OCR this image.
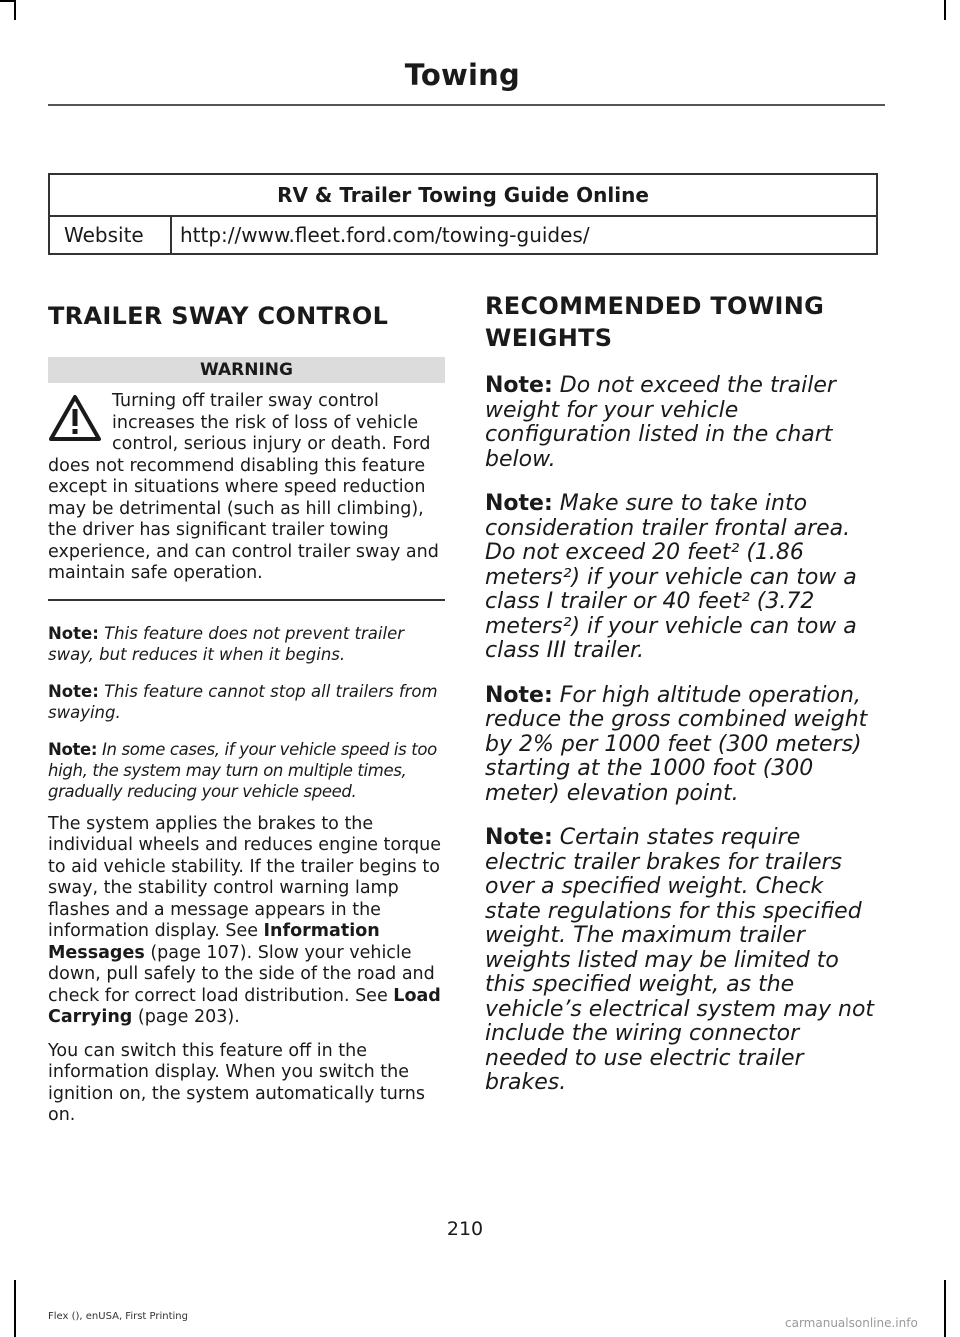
Towing
RV & Trailer Towing Guide Online
Website	http://www.fleet.ford.com/towing-guides/
TRAILER SWAY CONTROL
WARNING
Turning off trailer sway control increases the risk of loss of vehicle control, serious injury or death. Ford does not recommend disabling this feature except in situations where speed reduction may be detrimental (such as hill climbing), the driver has significant trailer towing experience, and can control trailer sway and maintain safe operation.

Note: This feature does not prevent trailer sway, but reduces it when it begins.

Note: This feature cannot stop all trailers from swaying.

Note: In some cases, if your vehicle speed is too high, the system may turn on multiple times, gradually reducing your vehicle speed.

The system applies the brakes to the individual wheels and reduces engine torque to aid vehicle stability. If the trailer begins to sway, the stability control warning lamp flashes and a message appears in the information display. See Information Messages (page 107). Slow your vehicle down, pull safely to the side of the road and check for correct load distribution. See Load Carrying (page 203).

You can switch this feature off in the information display. When you switch the ignition on, the system automatically turns on.

RECOMMENDED TOWING
WEIGHTS

Note: Do not exceed the trailer weight for your vehicle configuration listed in the chart below.

Note: Make sure to take into consideration trailer frontal area. Do not exceed 20 feet² (1.86 meters²) if your vehicle can tow a class I trailer or 40 feet² (3.72 meters²) if your vehicle can tow a class III trailer.

Note: For high altitude operation, reduce the gross combined weight by 2% per 1000 feet (300 meters) starting at the 1000 foot (300 meter) elevation point.

Note: Certain states require electric trailer brakes for trailers over a specified weight. Check state regulations for this specified weight. The maximum trailer weights listed may be limited to this specified weight, as the vehicle’s electrical system may not include the wiring connector needed to use electric trailer brakes.

210
Flex (), enUSA, First Printing	carmanualsonline.info
